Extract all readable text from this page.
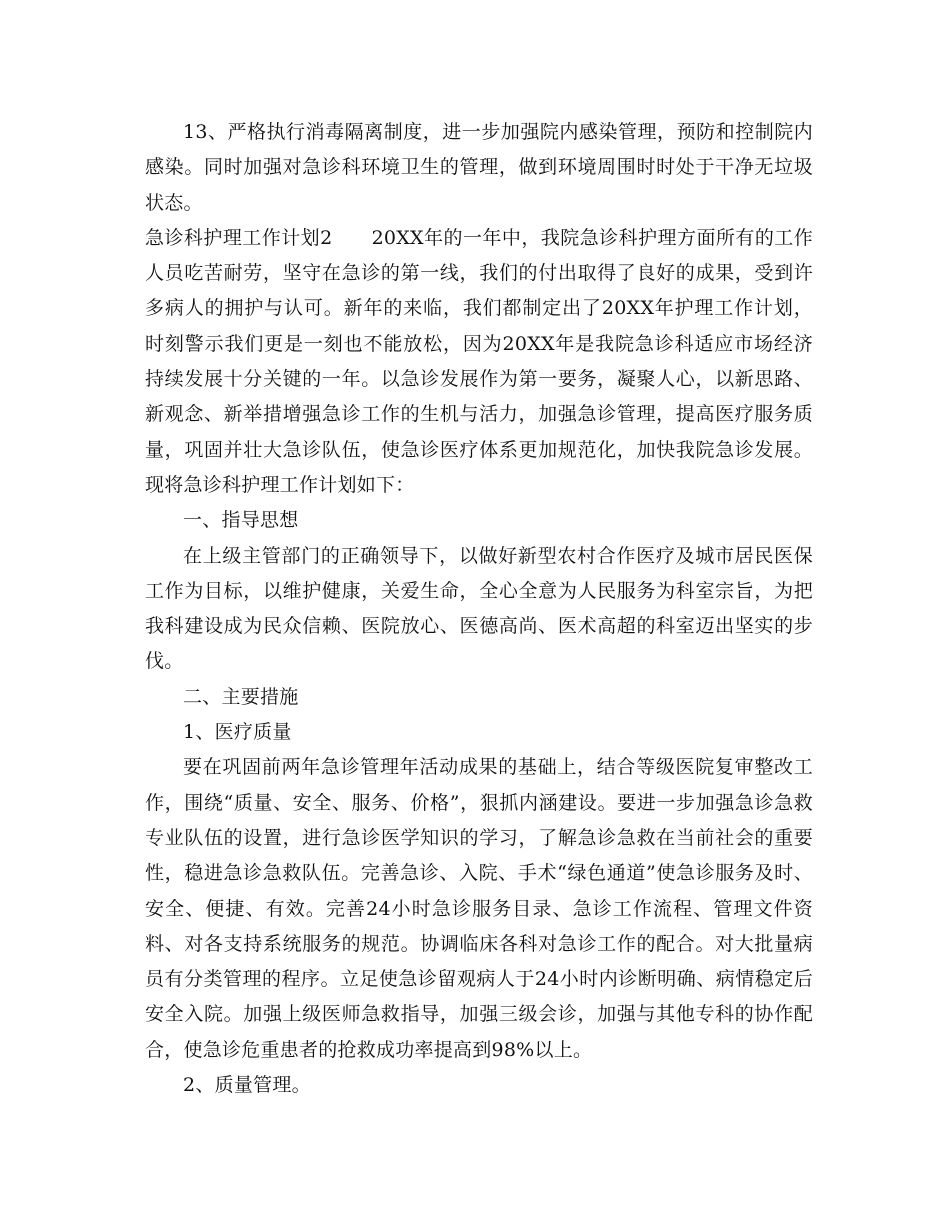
13、严格执行消毒隔离制度，进一步加强院内感染管理，预防和控制院内感染。同时加强对急诊科环境卫生的管理，做到环境周围时时处于干净无垃圾状态。

急诊科护理工作计划2　　20XX年的一年中，我院急诊科护理方面所有的工作人员吃苦耐劳，坚守在急诊的第一线，我们的付出取得了良好的成果，受到许多病人的拥护与认可。新年的来临，我们都制定出了20XX年护理工作计划，时刻警示我们更是一刻也不能放松，因为20XX年是我院急诊科适应市场经济持续发展十分关键的一年。以急诊发展作为第一要务，凝聚人心，以新思路、新观念、新举措增强急诊工作的生机与活力，加强急诊管理，提高医疗服务质量，巩固并壮大急诊队伍，使急诊医疗体系更加规范化，加快我院急诊发展。现将急诊科护理工作计划如下：

一、指导思想

在上级主管部门的正确领导下，以做好新型农村合作医疗及城市居民医保工作为目标，以维护健康，关爱生命，全心全意为人民服务为科室宗旨，为把我科建设成为民众信赖、医院放心、医德高尚、医术高超的科室迈出坚实的步伐。

二、主要措施

1、医疗质量

要在巩固前两年急诊管理年活动成果的基础上，结合等级医院复审整改工作，围绕“质量、安全、服务、价格”，狠抓内涵建设。要进一步加强急诊急救专业队伍的设置，进行急诊医学知识的学习，了解急诊急救在当前社会的重要性，稳进急诊急救队伍。完善急诊、入院、手术“绿色通道”使急诊服务及时、安全、便捷、有效。完善24小时急诊服务目录、急诊工作流程、管理文件资料、对各支持系统服务的规范。协调临床各科对急诊工作的配合。对大批量病员有分类管理的程序。立足使急诊留观病人于24小时内诊断明确、病情稳定后安全入院。加强上级医师急救指导，加强三级会诊，加强与其他专科的协作配合，使急诊危重患者的抢救成功率提高到98%以上。

2、质量管理。
